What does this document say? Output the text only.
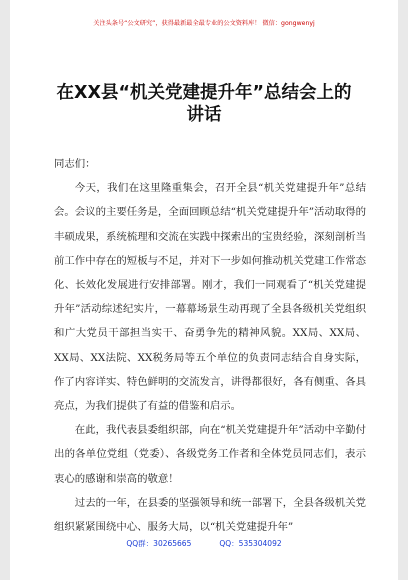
关注头条号“公文研究”，获得最新最全最专业的公文资料库！ 微信：gongwenyj
在XX县“机关党建提升年”总结会上的
讲话

同志们：

今天，我们在这里隆重集会，召开全县“机关党建提升年”总结会。会议的主要任务是，全面回顾总结“机关党建提升年”活动取得的丰硕成果，系统梳理和交流在实践中探索出的宝贵经验，深刻剖析当前工作中存在的短板与不足，并对下一步如何推动机关党建工作常态化、长效化发展进行安排部署。刚才，我们一同观看了“机关党建提升年”活动综述纪实片，一幕幕场景生动再现了全县各级机关党组织和广大党员干部担当实干、奋勇争先的精神风貌。XX局、XX局、XX局、XX法院、XX税务局等五个单位的负责同志结合自身实际，作了内容详实、特色鲜明的交流发言，讲得都很好，各有侧重、各具亮点，为我们提供了有益的借鉴和启示。

在此，我代表县委组织部，向在“机关党建提升年”活动中辛勤付出的各单位党组（党委）、各级党务工作者和全体党员同志们，表示衷心的感谢和崇高的敬意！

过去的一年，在县委的坚强领导和统一部署下，全县各级机关党组织紧紧围绕中心、服务大局，以“机关党建提升年”

QQ群：30265665	QQ：535304092
